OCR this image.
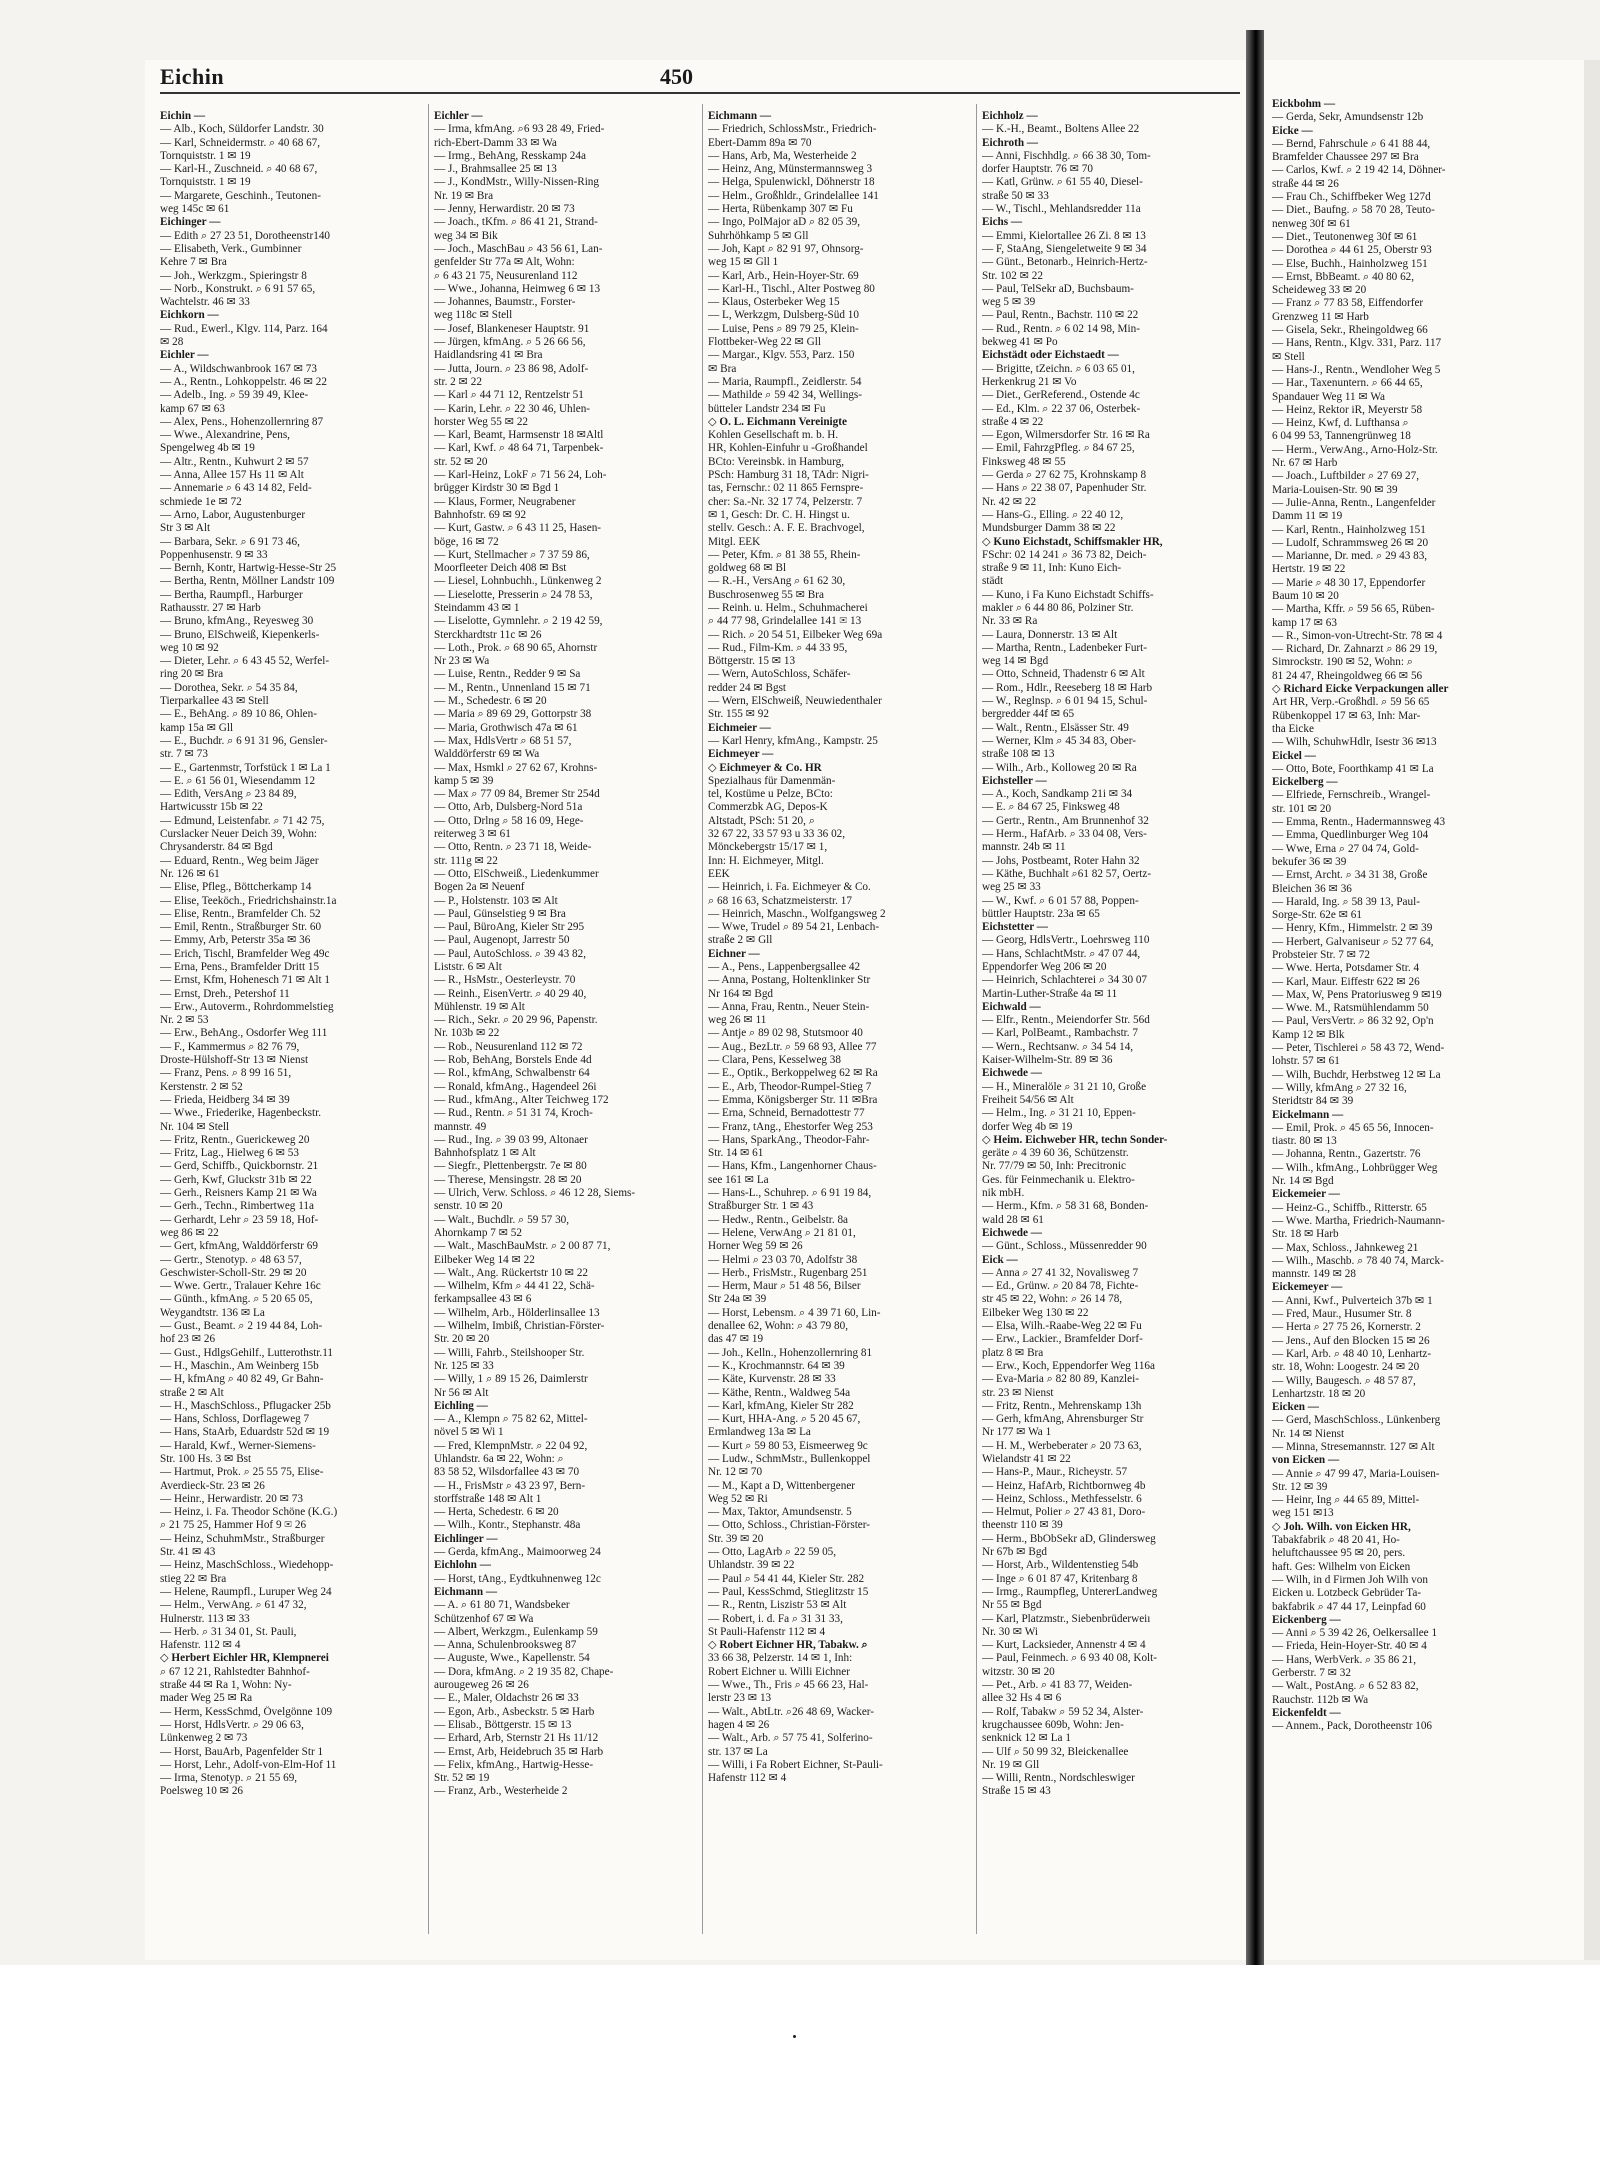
Eichin	450
Eichin —
— Alb., Koch, Süldorfer Landstr. 30
— Karl, Schneidermstr. ⌕ 40 68 67,
Tornquiststr. 1 ✉ 19
— Karl-H., Zuschneid. ⌕ 40 68 67,
Tornquiststr. 1 ✉ 19
— Margarete, Geschinh., Teutonen-
weg 145c ✉ 61
Eichinger —
— Edith ⌕ 27 23 51, Dorotheenstr140
— Elisabeth, Verk., Gumbinner
Kehre 7 ✉ Bra
— Joh., Werkzgm., Spieringstr 8
— Norb., Konstrukt. ⌕ 6 91 57 65,
Wachtelstr. 46 ✉ 33
Eichkorn —
— Rud., Ewerl., Klgv. 114, Parz. 164
✉ 28
Eichler —
— A., Wildschwanbrook 167 ✉ 73
— A., Rentn., Lohkoppelstr. 46 ✉ 22
— Adelb., Ing. ⌕ 59 39 49, Klee-
kamp 67 ✉ 63
— Alex, Pens., Hohenzollernring 87
— Wwe., Alexandrine, Pens,
Spengelweg 4b ✉ 19
— Altr., Rentn., Kuhwurt 2 ✉ 57
— Anna, Allee 157 Hs 11 ✉ Alt
— Annemarie ⌕ 6 43 14 82, Feld-
schmiede 1e ✉ 72
— Arno, Labor, Augustenburger
Str 3 ✉ Alt
— Barbara, Sekr. ⌕ 6 91 73 46,
Poppenhusenstr. 9 ✉ 33
— Bernh, Kontr, Hartwig-Hesse-Str 25
— Bertha, Rentn, Möllner Landstr 109
— Bertha, Raumpfl., Harburger
Rathausstr. 27 ✉ Harb
— Bruno, kfmAng., Reyesweg 30
— Bruno, ElSchweiß, Kiepenkerls-
weg 10 ✉ 92
— Dieter, Lehr. ⌕ 6 43 45 52, Werfel-
ring 20 ✉ Bra
— Dorothea, Sekr. ⌕ 54 35 84,
Tierparkallee 43 ✉ Stell
— E., BehAng. ⌕ 89 10 86, Ohlen-
kamp 15a ✉ Gll
— E., Buchdr. ⌕ 6 91 31 96, Gensler-
str. 7 ✉ 73
— E., Gartenmstr, Torfstück 1 ✉ La 1
— E. ⌕ 61 56 01, Wiesendamm 12
— Edith, VersAng ⌕ 23 84 89,
Hartwicusstr 15b ✉ 22
— Edmund, Leistenfabr. ⌕ 71 42 75,
Curslacker Neuer Deich 39, Wohn:
Chrysanderstr. 84 ✉ Bgd
— Eduard, Rentn., Weg beim Jäger
Nr. 126 ✉ 61
— Elise, Pfleg., Böttcherkamp 14
— Elise, Teeköch., Friedrichshainstr.1a
— Elise, Rentn., Bramfelder Ch. 52
— Emil, Rentn., Straßburger Str. 60
— Emmy, Arb, Peterstr 35a ✉ 36
— Erich, Tischl, Bramfelder Weg 49c
— Erna, Pens., Bramfelder Dritt 15
— Ernst, Kfm, Hohenesch 71 ✉ Alt 1
— Ernst, Dreh., Petershof 11
— Erw., Autoverm., Rohrdommelstieg
Nr. 2 ✉ 53
— Erw., BehAng., Osdorfer Weg 111
— F., Kammermus ⌕ 82 76 79,
Droste-Hülshoff-Str 13 ✉ Nienst
— Franz, Pens. ⌕ 8 99 16 51,
Kerstenstr. 2 ✉ 52
— Frieda, Heidberg 34 ✉ 39
— Wwe., Friederike, Hagenbeckstr.
Nr. 104 ✉ Stell
— Fritz, Rentn., Guerickeweg 20
— Fritz, Lag., Hielweg 6 ✉ 53
— Gerd, Schiffb., Quickbornstr. 21
— Gerh, Kwf, Gluckstr 31b ✉ 22
— Gerh., Reisners Kamp 21 ✉ Wa
— Gerh., Techn., Rimbertweg 11a
— Gerhardt, Lehr ⌕ 23 59 18, Hof-
weg 86 ✉ 22
— Gert, kfmAng, Walddörferstr 69
— Gertr., Stenotyp. ⌕ 48 63 57,
Geschwister-Scholl-Str. 29 ✉ 20
— Wwe. Gertr., Tralauer Kehre 16c
— Günth., kfmAng. ⌕ 5 20 65 05,
Weygandtstr. 136 ✉ La
— Gust., Beamt. ⌕ 2 19 44 84, Loh-
hof 23 ✉ 26
— Gust., HdlgsGehilf., Lutterothstr.11
— H., Maschin., Am Weinberg 15b
— H, kfmAng ⌕ 40 82 49, Gr Bahn-
straße 2 ✉ Alt
— H., MaschSchloss., Pflugacker 25b
— Hans, Schloss, Dorflageweg 7
— Hans, StaArb, Eduardstr 52d ✉ 19
— Harald, Kwf., Werner-Siemens-
Str. 100 Hs. 3 ✉ Bst
— Hartmut, Prok. ⌕ 25 55 75, Elise-
Averdieck-Str. 23 ✉ 26
— Heinr., Herwardistr. 20 ✉ 73
— Heinz, i. Fa. Theodor Schöne (K.G.)
⌕ 21 75 25, Hammer Hof 9 ✉ 26
— Heinz, SchuhmMstr., Straßburger
Str. 41 ✉ 43
— Heinz, MaschSchloss., Wiedehopp-
stieg 22 ✉ Bra
— Helene, Raumpfl., Luruper Weg 24
— Helm., VerwAng. ⌕ 61 47 32,
Hulnerstr. 113 ✉ 33
— Herb. ⌕ 31 34 01, St. Pauli,
Hafenstr. 112 ✉ 4
◇ Herbert Eichler HR, Klempnerei
⌕ 67 12 21, Rahlstedter Bahnhof-
straße 44 ✉ Ra 1, Wohn: Ny-
mader Weg 25 ✉ Ra
— Herm, KessSchmd, Övelgönne 109
— Horst, HdlsVertr. ⌕ 29 06 63,
Lünkenweg 2 ✉ 73
— Horst, BauArb, Pagenfelder Str 1
— Horst, Lehr., Adolf-von-Elm-Hof 11
— Irma, Stenotyp. ⌕ 21 55 69,
Poelsweg 10 ✉ 26
Eichler —
— Irma, kfmAng. ⌕6 93 28 49, Fried-
rich-Ebert-Damm 33 ✉ Wa
— Irmg., BehAng, Resskamp 24a
— J., Brahmsallee 25 ✉ 13
— J., KondMstr., Willy-Nissen-Ring
Nr. 19 ✉ Bra
— Jenny, Herwardistr. 20 ✉ 73
— Joach., tKfm. ⌕ 86 41 21, Strand-
weg 34 ✉ Bik
— Joch., MaschBau ⌕ 43 56 61, Lan-
genfelder Str 77a ✉ Alt, Wohn:
⌕ 6 43 21 75, Neusurenland 112
— Wwe., Johanna, Heimweg 6 ✉ 13
— Johannes, Baumstr., Forster-
weg 118c ✉ Stell
— Josef, Blankeneser Hauptstr. 91
— Jürgen, kfmAng. ⌕ 5 26 66 56,
Haidlandsring 41 ✉ Bra
— Jutta, Journ. ⌕ 23 86 98, Adolf-
str. 2 ✉ 22
— Karl ⌕ 44 71 12, Rentzelstr 51
— Karin, Lehr. ⌕ 22 30 46, Uhlen-
horster Weg 55 ✉ 22
— Karl, Beamt, Harmsenstr 18 ✉Altl
— Karl, Kwf. ⌕ 48 64 71, Tarpenbek-
str. 52 ✉ 20
— Karl-Heinz, LokF ⌕ 71 56 24, Loh-
brügger Kirdstr 30 ✉ Bgd 1
— Klaus, Former, Neugrabener
Bahnhofstr. 69 ✉ 92
— Kurt, Gastw. ⌕ 6 43 11 25, Hasen-
böge, 16 ✉ 72
— Kurt, Stellmacher ⌕ 7 37 59 86,
Moorfleeter Deich 408 ✉ Bst
— Liesel, Lohnbuchh., Lünkenweg 2
— Lieselotte, Presserin ⌕ 24 78 53,
Steindamm 43 ✉ 1
— Liselotte, Gymnlehr. ⌕ 2 19 42 59,
Sterckhardtstr 11c ✉ 26
— Loth., Prok. ⌕ 68 90 65, Ahornstr
Nr 23 ✉ Wa
— Luise, Rentn., Redder 9 ✉ Sa
— M., Rentn., Unnenland 15 ✉ 71
— M., Schedestr. 6 ✉ 20
— Maria ⌕ 89 69 29, Gottorpstr 38
— Maria, Grothwisch 47a ✉ 61
— Max, HdlsVertr ⌕ 68 51 57,
Walddörferstr 69 ✉ Wa
— Max, Hsmkl ⌕ 27 62 67, Krohns-
kamp 5 ✉ 39
— Max ⌕ 77 09 84, Bremer Str 254d
— Otto, Arb, Dulsberg-Nord 51a
— Otto, Drlng ⌕ 58 16 09, Hege-
reiterweg 3 ✉ 61
— Otto, Rentn. ⌕ 23 71 18, Weide-
str. 111g ✉ 22
— Otto, ElSchweiß., Liedenkummer
Bogen 2a ✉ Neuenf
— P., Holstenstr. 103 ✉ Alt
— Paul, Günselstieg 9 ✉ Bra
— Paul, BüroAng, Kieler Str 295
— Paul, Augenopt, Jarrestr 50
— Paul, AutoSchloss. ⌕ 39 43 82,
Liststr. 6 ✉ Alt
— R., HsMstr., Oesterleystr. 70
— Reinh., EisenVertr. ⌕ 40 29 40,
Mühlenstr. 19 ✉ Alt
— Rich., Sekr. ⌕ 20 29 96, Papenstr.
Nr. 103b ✉ 22
— Rob., Neusurenland 112 ✉ 72
— Rob, BehAng, Borstels Ende 4d
— Rol., kfmAng, Schwalbenstr 64
— Ronald, kfmAng., Hagendeel 26i
— Rud., kfmAng., Alter Teichweg 172
— Rud., Rentn. ⌕ 51 31 74, Kroch-
mannstr. 49
— Rud., Ing. ⌕ 39 03 99, Altonaer
Bahnhofsplatz 1 ✉ Alt
— Siegfr., Plettenbergstr. 7e ✉ 80
— Therese, Mensingstr. 28 ✉ 20
— Ulrich, Verw. Schloss. ⌕ 46 12 28, Siems-
senstr. 10 ✉ 20
— Walt., Buchdlr. ⌕ 59 57 30,
Ahornkamp 7 ✉ 52
— Walt., MaschBauMstr. ⌕ 2 00 87 71,
Eilbeker Weg 14 ✉ 22
— Walt., Ang. Rückertstr 10 ✉ 22
— Wilhelm, Kfm ⌕ 44 41 22, Schä-
ferkampsallee 43 ✉ 6
— Wilhelm, Arb., Hölderlinsallee 13
— Wilhelm, Imbiß, Christian-Förster-
Str. 20 ✉ 20
— Willi, Fahrb., Steilshooper Str.
Nr. 125 ✉ 33
— Willy, 1 ⌕ 89 15 26, Daimlerstr
Nr 56 ✉ Alt
Eichling —
— A., Klempn ⌕ 75 82 62, Mittel-
növel 5 ✉ Wi 1
— Fred, KlempnMstr. ⌕ 22 04 92,
Uhlandstr. 6a ✉ 22, Wohn: ⌕
83 58 52, Wilsdorfallee 43 ✉ 70
— H., FrisMstr ⌕ 43 23 97, Bern-
storffstraße 148 ✉ Alt 1
— Herta, Schedestr. 6 ✉ 20
— Wilh., Kontr., Stephanstr. 48a
Eichlinger —
— Gerda, kfmAng., Maimoorweg 24
Eichlohn —
— Horst, tAng., Eydtkuhnenweg 12c
Eichmann —
— A. ⌕ 61 80 71, Wandsbeker
Schützenhof 67 ✉ Wa
— Albert, Werkzgm., Eulenkamp 59
— Anna, Schulenbrooksweg 87
— Auguste, Wwe., Kapellenstr. 54
— Dora, kfmAng. ⌕ 2 19 35 82, Chape-
aurougeweg 26 ✉ 26
— E., Maler, Oldachstr 26 ✉ 33
— Egon, Arb., Asbeckstr. 5 ✉ Harb
— Elisab., Böttgerstr. 15 ✉ 13
— Erhard, Arb, Sternstr 21 Hs 11/12
— Ernst, Arb, Heidebruch 35 ✉ Harb
— Felix, kfmAng., Hartwig-Hesse-
Str. 52 ✉ 19
— Franz, Arb., Westerheide 2
Eichmann —
— Friedrich, SchlossMstr., Friedrich-
Ebert-Damm 89a ✉ 70
— Hans, Arb, Ma, Westerheide 2
— Heinz, Ang, Münstermannsweg 3
— Helga, Spulenwickl, Döhnerstr 18
— Helm., Großhldr., Grindelallee 141
— Herta, Rübenkamp 307 ✉ Fu
— Ingo, PolMajor aD ⌕ 82 05 39,
Suhrhöhkamp 5 ✉ Gll
— Joh, Kapt ⌕ 82 91 97, Ohnsorg-
weg 15 ✉ Gll 1
— Karl, Arb., Hein-Hoyer-Str. 69
— Karl-H., Tischl., Alter Postweg 80
— Klaus, Osterbeker Weg 15
— L, Werkzgm, Dulsberg-Süd 10
— Luise, Pens ⌕ 89 79 25, Klein-
Flottbeker-Weg 22 ✉ Gll
— Margar., Klgv. 553, Parz. 150
✉ Bra
— Maria, Raumpfl., Zeidlerstr. 54
— Mathilde ⌕ 59 42 34, Wellings-
bütteler Landstr 234 ✉ Fu
◇ O. L. Eichmann Vereinigte
Kohlen Gesellschaft m. b. H.
HR, Kohlen-Einfuhr u -Großhandel
BCto: Vereinsbk. in Hamburg,
PSch: Hamburg 31 18, TAdr: Nigri-
tas, Fernschr.: 02 11 865 Fernspre-
cher: Sa.-Nr. 32 17 74, Pelzerstr. 7
✉ 1, Gesch: Dr. C. H. Hingst u.
stellv. Gesch.: A. F. E. Brachvogel,
Mitgl. EEK
— Peter, Kfm. ⌕ 81 38 55, Rhein-
goldweg 68 ✉ Bl
— R.-H., VersAng ⌕ 61 62 30,
Buschrosenweg 55 ✉ Bra
— Reinh. u. Helm., Schuhmacherei
⌕ 44 77 98, Grindelallee 141 ✉ 13
— Rich. ⌕ 20 54 51, Eilbeker Weg 69a
— Rud., Film-Km. ⌕ 44 33 95,
Böttgerstr. 15 ✉ 13
— Wern, AutoSchloss, Schäfer-
redder 24 ✉ Bgst
— Wern, ElSchweiß, Neuwiedenthaler
Str. 155 ✉ 92
Eichmeier —
— Karl Henry, kfmAng., Kampstr. 25
Eichmeyer —
◇ Eichmeyer & Co. HR
Spezialhaus für Damenmän-
tel, Kostüme u Pelze, BCto:
Commerzbk AG, Depos-K
Altstadt, PSch: 51 20, ⌕
32 67 22, 33 57 93 u 33 36 02,
Mönckebergstr 15/17 ✉ 1,
Inn: H. Eichmeyer, Mitgl.
EEK
— Heinrich, i. Fa. Eichmeyer & Co.
⌕ 68 16 63, Schatzmeisterstr. 17
— Heinrich, Maschn., Wolfgangsweg 2
— Wwe, Trudel ⌕ 89 54 21, Lenbach-
straße 2 ✉ Gll
Eichner —
— A., Pens., Lappenbergsallee 42
— Anna, Postang, Holtenklinker Str
Nr 164 ✉ Bgd
— Anna, Frau, Rentn., Neuer Stein-
weg 26 ✉ 11
— Antje ⌕ 89 02 98, Stutsmoor 40
— Aug., BezLtr. ⌕ 59 68 93, Allee 77
— Clara, Pens, Kesselweg 38
— E., Optik., Berkoppelweg 62 ✉ Ra
— E., Arb, Theodor-Rumpel-Stieg 7
— Emma, Königsberger Str. 11 ✉Bra
— Erna, Schneid, Bernadottestr 77
— Franz, tAng., Ehestorfer Weg 253
— Hans, SparkAng., Theodor-Fahr-
Str. 14 ✉ 61
— Hans, Kfm., Langenhorner Chaus-
see 161 ✉ La
— Hans-L., Schuhrep. ⌕ 6 91 19 84,
Straßburger Str. 1 ✉ 43
— Hedw., Rentn., Geibelstr. 8a
— Helene, VerwAng ⌕ 21 81 01,
Horner Weg 59 ✉ 26
— Helmi ⌕ 23 03 70, Adolfstr 38
— Herb., FrisMstr., Rugenbarg 251
— Herm, Maur ⌕ 51 48 56, Bilser
Str 24a ✉ 39
— Horst, Lebensm. ⌕ 4 39 71 60, Lin-
denallee 62, Wohn: ⌕ 43 79 80,
das 47 ✉ 19
— Joh., Kelln., Hohenzollernring 81
— K., Krochmannstr. 64 ✉ 39
— Käte, Kurvenstr. 28 ✉ 33
— Käthe, Rentn., Waldweg 54a
— Karl, kfmAng, Kieler Str 282
— Kurt, HHA-Ang. ⌕ 5 20 45 67,
Ermlandweg 13a ✉ La
— Kurt ⌕ 59 80 53, Eismeerweg 9c
— Ludw., SchmMstr., Bullenkoppel
Nr. 12 ✉ 70
— M., Kapt a D, Wittenbergener
Weg 52 ✉ Ri
— Max, Taktor, Amundsenstr. 5
— Otto, Schloss., Christian-Förster-
Str. 39 ✉ 20
— Otto, LagArb ⌕ 22 59 05,
Uhlandstr. 39 ✉ 22
— Paul ⌕ 54 41 44, Kieler Str. 282
— Paul, KessSchmd, Stieglitzstr 15
— R., Rentn, Liszistr 53 ✉ Alt
— Robert, i. d. Fa ⌕ 31 31 33,
St Pauli-Hafenstr 112 ✉ 4
◇ Robert Eichner HR, Tabakw. ⌕
33 66 38, Pelzerstr. 14 ✉ 1, Inh:
Robert Eichner u. Willi Eichner
— Wwe., Th., Fris ⌕ 45 66 23, Hal-
lerstr 23 ✉ 13
— Walt., AbtLtr. ⌕26 48 69, Wacker-
hagen 4 ✉ 26
— Walt., Arb. ⌕ 57 75 41, Solferino-
str. 137 ✉ La
— Willi, i Fa Robert Eichner, St-Pauli-
Hafenstr 112 ✉ 4
Eichholz —
— K.-H., Beamt., Boltens Allee 22
Eichroth —
— Anni, Fischhdlg. ⌕ 66 38 30, Tom-
dorfer Hauptstr. 76 ✉ 70
— Katl, Grünw. ⌕ 61 55 40, Diesel-
straße 50 ✉ 33
— W., Tischl., Mehlandsredder 11a
Eichs —
— Emmi, Kielortallee 26 Zi. 8 ✉ 13
— F, StaAng, Siengeletweite 9 ✉ 34
— Günt., Betonarb., Heinrich-Hertz-
Str. 102 ✉ 22
— Paul, TelSekr aD, Buchsbaum-
weg 5 ✉ 39
— Paul, Rentn., Bachstr. 110 ✉ 22
— Rud., Rentn. ⌕ 6 02 14 98, Min-
bekweg 41 ✉ Po
Eichstädt oder Eichstaedt —
— Brigitte, tZeichn. ⌕ 6 03 65 01,
Herkenkrug 21 ✉ Vo
— Diet., GerReferend., Ostende 4c
— Ed., Klm. ⌕ 22 37 06, Osterbek-
straße 4 ✉ 22
— Egon, Wilmersdorfer Str. 16 ✉ Ra
— Emil, FahrzgPfleg. ⌕ 84 67 25,
Finksweg 48 ✉ 55
— Gerda ⌕ 27 62 75, Krohnskamp 8
— Hans ⌕ 22 38 07, Papenhuder Str.
Nr. 42 ✉ 22
— Hans-G., Elling. ⌕ 22 40 12,
Mundsburger Damm 38 ✉ 22
◇ Kuno Eichstadt, Schiffsmakler HR,
FSchr: 02 14 241 ⌕ 36 73 82, Deich-
straße 9 ✉ 11, Inh: Kuno Eich-
städt
— Kuno, i Fa Kuno Eichstadt Schiffs-
makler ⌕ 6 44 80 86, Polziner Str.
Nr. 33 ✉ Ra
— Laura, Donnerstr. 13 ✉ Alt
— Martha, Rentn., Ladenbeker Furt-
weg 14 ✉ Bgd
— Otto, Schneid, Thadenstr 6 ✉ Alt
— Rom., Hdlr., Reeseberg 18 ✉ Harb
— W., Reglnsp. ⌕ 6 01 94 15, Schul-
bergredder 44f ✉ 65
— Walt., Rentn., Elsässer Str. 49
— Werner, Klm ⌕ 45 34 83, Ober-
straße 108 ✉ 13
— Wilh., Arb., Kolloweg 20 ✉ Ra
Eichsteller —
— A., Koch, Sandkamp 21i ✉ 34
— E. ⌕ 84 67 25, Finksweg 48
— Gertr., Rentn., Am Brunnenhof 32
— Herm., HafArb. ⌕ 33 04 08, Vers-
mannstr. 24b ✉ 11
— Johs, Postbeamt, Roter Hahn 32
— Käthe, Buchhalt ⌕61 82 57, Oertz-
weg 25 ✉ 33
— W., Kwf. ⌕ 6 01 57 88, Poppen-
büttler Hauptstr. 23a ✉ 65
Eichstetter —
— Georg, HdlsVertr., Loehrsweg 110
— Hans, SchlachtMstr. ⌕ 47 07 44,
Eppendorfer Weg 206 ✉ 20
— Heinrich, Schlachterei ⌕ 34 30 07
Martin-Luther-Straße 4a ✉ 11
Eichwald —
— Elfr., Rentn., Meiendorfer Str. 56d
— Karl, PolBeamt., Rambachstr. 7
— Wern., Rechtsanw. ⌕ 34 54 14,
Kaiser-Wilhelm-Str. 89 ✉ 36
Eichwede —
— H., Mineralöle ⌕ 31 21 10, Große
Freiheit 54/56 ✉ Alt
— Helm., Ing. ⌕ 31 21 10, Eppen-
dorfer Weg 4b ✉ 19
◇ Heim. Eichweber HR, techn Sonder-
geräte ⌕ 4 39 60 36, Schützenstr.
Nr. 77/79 ✉ 50, Inh: Precitronic
Ges. für Feinmechanik u. Elektro-
nik mbH.
— Herm., Kfm. ⌕ 58 31 68, Bonden-
wald 28 ✉ 61
Eichwede —
— Günt., Schloss., Müssenredder 90
Eick —
— Anna ⌕ 27 41 32, Novalisweg 7
— Ed., Grünw. ⌕ 20 84 78, Fichte-
str 45 ✉ 22, Wohn: ⌕ 26 14 78,
Eilbeker Weg 130 ✉ 22
— Elsa, Wilh.-Raabe-Weg 22 ✉ Fu
— Erw., Lackier., Bramfelder Dorf-
platz 8 ✉ Bra
— Erw., Koch, Eppendorfer Weg 116a
— Eva-Maria ⌕ 82 80 89, Kanzlei-
str. 23 ✉ Nienst
— Fritz, Rentn., Mehrenskamp 13h
— Gerh, kfmAng, Ahrensburger Str
Nr 177 ✉ Wa 1
— H. M., Werbeberater ⌕ 20 73 63,
Wielandstr 41 ✉ 22
— Hans-P., Maur., Richeystr. 57
— Heinz, HafArb, Richtbornweg 4b
— Heinz, Schloss., Methfesselstr. 6
— Helmut, Polier ⌕ 27 43 81, Doro-
theenstr 110 ✉ 39
— Herm., BbObSekr aD, Glindersweg
Nr 67b ✉ Bgd
— Horst, Arb., Wildentenstieg 54b
— Inge ⌕ 6 01 87 47, Kritenbarg 8
— Irmg., Raumpfleg, UntererLandweg
Nr 55 ✉ Bgd
— Karl, Platzmstr., Siebenbrüderweiı
Nr. 30 ✉ Wi
— Kurt, Lacksieder, Annenstr 4 ✉ 4
— Paul, Feinmech. ⌕ 6 93 40 08, Kolt-
witzstr. 30 ✉ 20
— Pet., Arb. ⌕ 41 83 77, Weiden-
allee 32 Hs 4 ✉ 6
— Rolf, Tabakw ⌕ 59 52 34, Alster-
krugchaussee 609b, Wohn: Jen-
senknick 12 ✉ La 1
— Ulf ⌕ 50 99 32, Bleickenallee
Nr. 19 ✉ Gll
— Willi, Rentn., Nordschleswiger
Straße 15 ✉ 43
Eickbohm —
— Gerda, Sekr, Amundsenstr 12b
Eicke —
— Bernd, Fahrschule ⌕ 6 41 88 44,
Bramfelder Chaussee 297 ✉ Bra
— Carlos, Kwf. ⌕ 2 19 42 14, Döhner-
straße 44 ✉ 26
— Frau Ch., Schiffbeker Weg 127d
— Diet., Baufng. ⌕ 58 70 28, Teuto-
nenweg 30f ✉ 61
— Diet., Teutonenweg 30f ✉ 61
— Dorothea ⌕ 44 61 25, Oberstr 93
— Else, Buchh., Hainholzweg 151
— Ernst, BbBeamt. ⌕ 40 80 62,
Scheideweg 33 ✉ 20
— Franz ⌕ 77 83 58, Eiffendorfer
Grenzweg 11 ✉ Harb
— Gisela, Sekr., Rheingoldweg 66
— Hans, Rentn., Klgv. 331, Parz. 117
✉ Stell
— Hans-J., Rentn., Wendloher Weg 5
— Har., Taxenuntern. ⌕ 66 44 65,
Spandauer Weg 11 ✉ Wa
— Heinz, Rektor iR, Meyerstr 58
— Heinz, Kwf, d. Lufthansa ⌕
6 04 99 53, Tannengrünweg 18
— Herm., VerwAng., Arno-Holz-Str.
Nr. 67 ✉ Harb
— Joach., Luftbilder ⌕ 27 69 27,
Maria-Louisen-Str. 90 ✉ 39
— Julie-Anna, Rentn., Langenfelder
Damm 11 ✉ 19
— Karl, Rentn., Hainholzweg 151
— Ludolf, Schrammsweg 26 ✉ 20
— Marianne, Dr. med. ⌕ 29 43 83,
Hertstr. 19 ✉ 22
— Marie ⌕ 48 30 17, Eppendorfer
Baum 10 ✉ 20
— Martha, Kffr. ⌕ 59 56 65, Rüben-
kamp 17 ✉ 63
— R., Simon-von-Utrecht-Str. 78 ✉ 4
— Richard, Dr. Zahnarzt ⌕ 86 29 19,
Simrockstr. 190 ✉ 52, Wohn: ⌕
81 24 47, Rheingoldweg 66 ✉ 56
◇ Richard Eicke Verpackungen aller
Art HR, Verp.-Großhdl. ⌕ 59 56 65
Rübenkoppel 17 ✉ 63, Inh: Mar-
tha Eicke
— Wilh, SchuhwHdlr, Isestr 36 ✉13
Eickel —
— Otto, Bote, Foorthkamp 41 ✉ La
Eickelberg —
— Elfriede, Fernschreib., Wrangel-
str. 101 ✉ 20
— Emma, Rentn., Hadermannsweg 43
— Emma, Quedlinburger Weg 104
— Wwe, Erna ⌕ 27 04 74, Gold-
bekufer 36 ✉ 39
— Ernst, Archt. ⌕ 34 31 38, Große
Bleichen 36 ✉ 36
— Harald, Ing. ⌕ 58 39 13, Paul-
Sorge-Str. 62e ✉ 61
— Henry, Kfm., Himmelstr. 2 ✉ 39
— Herbert, Galvaniseur ⌕ 52 77 64,
Probsteier Str. 7 ✉ 72
— Wwe. Herta, Potsdamer Str. 4
— Karl, Maur. Eiffestr 622 ✉ 26
— Max, W, Pens Pratoriusweg 9 ✉19
— Wwe. M., Ratsmühlendamm 50
— Paul, VersVertr. ⌕ 86 32 92, Op'n
Kamp 12 ✉ Blk
— Peter, Tischlerei ⌕ 58 43 72, Wend-
lohstr. 57 ✉ 61
— Wilh, Buchdr, Herbstweg 12 ✉ La
— Willy, kfmAng ⌕ 27 32 16,
Steridtstr 84 ✉ 39
Eickelmann —
— Emil, Prok. ⌕ 45 65 56, Innocen-
tiastr. 80 ✉ 13
— Johanna, Rentn., Gazertstr. 76
— Wilh., kfmAng., Lohbrügger Weg
Nr. 14 ✉ Bgd
Eickemeier —
— Heinz-G., Schiffb., Ritterstr. 65
— Wwe. Martha, Friedrich-Naumann-
Str. 18 ✉ Harb
— Max, Schloss., Jahnkeweg 21
— Wilh., Maschb. ⌕ 78 40 74, Marck-
mannstr. 149 ✉ 28
Eickemeyer —
— Anni, Kwf., Pulverteich 37b ✉ 1
— Fred, Maur., Husumer Str. 8
— Herta ⌕ 27 75 26, Kornerstr. 2
— Jens., Auf den Blocken 15 ✉ 26
— Karl, Arb. ⌕ 48 40 10, Lenhartz-
str. 18, Wohn: Loogestr. 24 ✉ 20
— Willy, Baugesch. ⌕ 48 57 87,
Lenhartzstr. 18 ✉ 20
Eicken —
— Gerd, MaschSchloss., Lünkenberg
Nr. 14 ✉ Nienst
— Minna, Stresemannstr. 127 ✉ Alt
von Eicken —
— Annie ⌕ 47 99 47, Maria-Louisen-
Str. 12 ✉ 39
— Heinr, Ing ⌕ 44 65 89, Mittel-
weg 151 ✉13
◇ Joh. Wilh. von Eicken HR,
Tabakfabrik ⌕ 48 20 41, Ho-
heluftchaussee 95 ✉ 20, pers.
haft. Ges: Wilhelm von Eicken
— Wilh, in d Firmen Joh Wilh von
Eicken u. Lotzbeck Gebrüder Ta-
bakfabrik ⌕ 47 44 17, Leinpfad 60
Eickenberg —
— Anni ⌕ 5 39 42 26, Oelkersallee 1
— Frieda, Hein-Hoyer-Str. 40 ✉ 4
— Hans, WerbVerk. ⌕ 35 86 21,
Gerberstr. 7 ✉ 32
— Walt., PostAng. ⌕ 6 52 83 82,
Rauchstr. 112b ✉ Wa
Eickenfeldt —
— Annem., Pack, Dorotheenstr 106
